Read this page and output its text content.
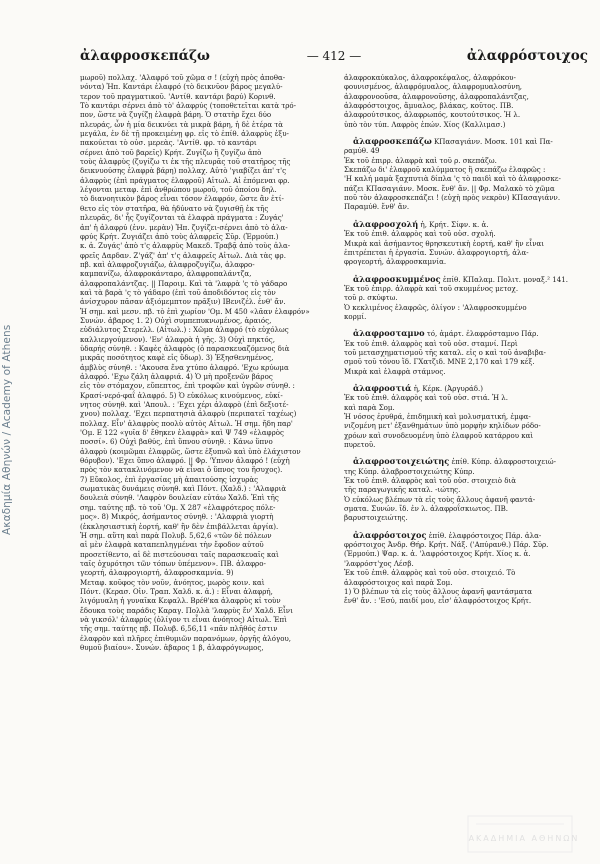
Ακαδημία Αθηνών / Academy of Athens
ἀλαφροσκεπάζω	— 412 —	ἀλαφρόστοιχος

μωροῦ) πολλαχ. 'Αλαφρό τοῦ χῶμα σ ! (εὐχὴ πρὸς ἀποθα-

νόντα) Ἠπ. Καντάρι ἐλαφρό (τὸ δεικνῦον βάρος μεγαλύ-

τερον τοῦ πραγματικοῦ. 'Αντίθ. καντάρι βαρύ) Κορινθ.

Τὸ καντάρι σέρνει ἀπὸ τὸ' ἀλαφρύς (τοποθετεῖται κατὰ τρό-

πον, ὥστε νὰ ζυγίζῃ ἐλαφρὰ βάρη. Ὁ στατὴρ ἔχει δύο

πλευράς, ὧν ἡ μία δεικνύει τὰ μικρὰ βάρη, ἡ δὲ ἑτέρα τὰ

μεγάλα, ἐν δὲ τῇ προκειμένῃ φρ. εἰς τὸ ἐπίθ. ἀλαφρὺς ἐξυ-

πακούεται τὸ οὐσ. μερεὰς. 'Αντίθ. φρ. τὸ καντάρι

σέρνει ἀπὸ τοῦ βαρεῖς) Κρήτ. Ζυγίζω ἢ ζυγίζω ἀπὸ

τοὺς ἀλαφρὺς (ζυγίζω τι ἐκ τῆς πλευρᾶς τοῦ στατῆρος τῆς

δεικνυούσης ἐλαφρὰ βάρη) πολλαχ. Αὐτὸ 'γιαβίζει ἀπ' τ'ς

ἀλαφρὺς (ἐπὶ πράγματος ἐλαφροῦ) Αἰτωλ. Αἱ ἑπόμεναι φρ.

λέγονται μεταφ. ἐπὶ ἀνθρώπου μωροῦ, τοῦ ὁποίου δηλ.

τὸ διανοητικὸν βάρος εἶναι τόσον ἐλαφρόν, ὥστε ἂν ἐτί-

θετο εἰς τὸν στατῆρα, θὰ ἠδύνατο νὰ ζυγισθῇ ἐκ τῆς

πλευρᾶς, δι' ἧς ζυγίζονται τὰ ἐλαφρὰ πράγματα : Ζυγάς'

ἀπ' ἡ ἀλαφρύ (ἐνν. μερὰν) Ἠπ. ζυγίζει-σέρνει ἀπὸ τὸ ἀλα-

φρύς Κρήτ. Ζυγιάζει ἀπὸ τοὺς ἀλαφρεῖς Σῦρ. (Ἑρμούπ.)

κ. ἀ. Ζυγάς' ἀπὸ τ'ς ἀλαφρὺς Μακεδ. Τραβᾷ ἀπὸ τοὺς ἀλα-

φρεῖς Δαρδαν. Ζ'γάζ' ἀπ' τ'ς ἀλαφρεῖς Αἰτωλ. Διὰ τὰς φρ.

πβ. καὶ ἀλαφροζυγιάζω, ἀλαφροζυγίζω, ἀλαφρο-

καμπανίζω, ἀλαφροκάνταρο, ἀλαφροπαλάντζα,

ἀλαφροπαλάντζας. || Παροιμ. Καὶ τὰ 'λαφρὰ 'ς τὸ γάδαρο

καὶ τὰ βαρὰ 'ς τὸ γάδαρο (ἐπὶ τοῦ ἀποδιδόντος εἰς τὸν

ἀνίσχυρον πᾶσαν ἀξιόμεμπτον πρᾶξιν) ΙΒενιζέλ. ἐνθ' ἄν.

Ἡ σημ. καὶ μεσν. πβ. τὸ ἐπὶ χωρίον 'Ομ. Μ 450 «λᾶαν ἐλαφρόν»

Συνών. ἀβαρος 1. 2) Οὐχὶ συμπεπυκνωμένος, ἀραιός,

εὐδιάλυτος Στερελλ. (Αἰτωλ.) : Χῶμα ἀλαφρό (τὸ εὐχόλως

καλλιεργούμενον). 'Εν' ἀλαφρὰ ἡ γῆς. 3) Οὐχὶ πηκτός,

ὑδαρής σύνηθ. : Καφὲς ἀλαφρὸς (ὁ παρασκευαζόμενος διὰ

μικρᾶς ποσότητος καφὲ εἰς ὕδωρ). 3) Ἐξησθενημένος,

ἀμβλὺς σύνηθ. : 'Ακουσα ἕνα χτύπο ἀλαφρό. 'Εχω κρύωμα

ἀλαφρό. 'Εχω ζάλη ἀλαφριά. 4) Ὁ μὴ προξενῶν βάρος

εἰς τὸν στόμαχον, εὔπεπτος, ἐπὶ τροφῶν καὶ ὑγρῶν σύνηθ. :

Κρασί-νερό-φαΐ ἀλαφρό. 5) Ὁ εὐκόλως κινούμενος, εὐκί-

νητος σύνηθ. καὶ 'Απουλ. : 'Εχει χέρι ἀλαφρὸ (ἐπὶ δεξιοτέ-

χνου) πολλαχ. 'Εχει περπατησιὰ ἀλαφρὺ (περιπατεῖ ταχέως)

πολλαχ. Εἶν' ἀλαφρὺς ποολὺ αὐτὸς Αἰτωλ. Ἡ σημ. ἤδη παρ'

'Ομ. Ε 122 «γυῖα δ' ἔθηκεν ἐλαφρὰ» καὶ Ψ 749 «ἐλαφρὸς

ποσσί». 6) Οὐχὶ βαθύς, ἐπὶ ὕπνου σύνηθ. : Κάνω ὕπνο

ἀλαφρὺ (κοιμῶμαι ἐλαφρῶς, ὥστε ἐξυπνῶ καὶ ὑπὸ ἐλάχιστον

θόρυβον). 'Εχει ὕπνο ἀλαφρό. || Φρ. 'Υπνον ἀλαφρό ! (εὐχὴ

πρὸς τὸν κατακλινόμενον νὰ εἶναι ὁ ὕπνος του ἥσυχος).

7) Εὔκολος, ἐπὶ ἐργασίας μὴ ἀπαιτούσης ἰσχυρὰς

σωματικὰς δυνάμεις σύνηθ. καὶ Πόντ. (Χαλδ.) : 'Αλαφριὰ

δουλειὰ σύνηθ. 'Λαφρὸν δουλείαν εὑτάω Χαλδ. Ἐπὶ τῆς

σημ. ταύτης πβ. τὸ τοῦ 'Ομ. Χ 287 «ἐλαφρότερος πόλε-

μος». 8) Μικρός, ἀσήμαντος σύνηθ. : 'Αλαφριὰ γιορτὴ

(ἐκκλησιαστικὴ ἑορτή, καθ' ἣν δὲν ἐπιβάλλεται ἀργία).

Ἡ σημ. αὕτη καὶ παρὰ Πολυβ. 5,62,6 «τῶν δὲ πόλεων

αἱ μὲν ἐλαφρὰ καταπεπληγμέναι τὴν ἔφοδον αὐτοῦ

προσετίθεντο, αἱ δὲ πιστεύουσαι ταῖς παρασκευαῖς καὶ

ταῖς ὀχυρότησι τῶν τόπων ὑπέμενον». ΠΒ. ἀλαφρο-

γεορτή, ἀλαφρογιορτή, ἀλαφροσκαμνία. 9)

Μεταφ. κοῦφος τὸν νοῦν, ἀνόητος, μωρὸς κοιν. καὶ

Πόντ. (Κερασ. Οἰν. Τραπ. Χαλδ. κ. ἀ.) : Εἶναι ἀλαφρή,

λιγόμυαλη ἡ γυναῖκα Κεφαλλ. Βρέθ'κα ἀλαφρὺς κἰ τοὺν

ἔδουκα τοὺς παράδις Καραγ. Πολλὰ 'λαφρὺς ἔν' Χαλδ. Εἶνι

νὰ γικσόλ' ἀλαφρύς (ὀλίγον τι εἶναι ἀνόητος) Αἰτωλ. Ἐπὶ

τῆς σημ. ταύτης πβ. Πολυβ. 6,56,11 «πᾶν πλῆθός ἐστιν

ἐλαφρὸν καὶ πλῆρες ἐπιθυμιῶν παρανόμων, ὀργῆς ἀλόγου,

θυμοῦ βιαίου». Συνών. ἀβαρος 1 β, ἀλαφρόγνωμος,

ἀλαφροκαύκαλος, ἀλαφροκέφαλος, ἀλαφρόκου-

φουνισμένος, ἀλαφρόμυαλος, ἀλαφρομυαλοσύνη,

ἀλαφρονοοῦσα, ἀλαφρονοῦσης, ἀλαφροπαλάντζας,

ἀλαφρόστοιχος, ἄμυαλος, βλάκας, κοῦτος. ΠΒ.

ἀλαφρούτσικος, ἀλαφρωπός, κουτούτσικος. Ἡ λ.

ὑπὸ τὸν τύπ. Λαφρὸς ἐπών. Χίος (Καλλιμασ.)

ἀλαφροσκεπάζω ΚΠασαγιάνν. Μοσκ. 101 καὶ Πα-

ραμύθ. 49

Ἐκ τοῦ ἐπιρρ. ἀλαφρὰ καὶ τοῦ ρ. σκεπάζω.

Σκεπάζω δι' ἐλαφροῦ καλύμματος ἢ σκεπάζω ἐλαφρῶς :

'Η καλή μαμὰ ξαχπυτιὰ δίπλα 'ς τὸ παιδὶ καὶ τὸ ἀλαφροσκε-

πάζει ΚΠασαγιάνν. Μοσκ. ἔνθ' ἄν. || Φρ. Μαλακὸ τὸ χῶμα

ποῦ τὸν ἀλαφροσκεπάζει ! (εὐχὴ πρὸς νεκρὸν) ΚΠασαγιάνν.

Παραμύθ. ἔνθ' ἄν.

ἀλαφροσχολή ἡ, Κρήτ. Σίφν. κ. ἀ.

Ἐκ τοῦ ἐπιθ. ἀλαφρὸς καὶ τοῦ οὐσ. σχολή.

Μικρὰ καὶ ἀσήμαντος θρησκευτικὴ ἑορτή, καθ' ἣν εἶναι

ἐπιτρέπεται ἡ ἐργασία. Συνών. ἀλαφρογιορτή, ἀλα-

φρογεορτή, ἀλαφροσκαμνία.

ἀλαφροσκυμμένος ἐπίθ. ΚΠαλαμ. Πολιτ. μοναξ.² 141.

Ἐκ τοῦ ἐπιρρ. ἀλαφρὰ καὶ τοῦ σκυμμένος μετοχ.

τοῦ ρ. σκύφτω.

Ὁ κεκλιμένος ἐλαφρῶς, ὀλίγον : 'Αλαφροσκυμμένο

κορμί.

ἀλαφροσταμνο τό, ἀμάρτ. ἐλαφρόσταμνο Πάρ.

Ἐκ τοῦ ἐπιθ. ἀλαφρὸς καὶ τοῦ οὐσ. σταμνί. Περὶ

τοῦ μετασχηματισμοῦ τῆς καταλ. εἰς ο καὶ τοῦ ἀναβιβα-

σμοῦ τοῦ τόνου ἴδ. ΓΧατζιδ. ΜΝΕ 2,170 καὶ 179 κέξ.

Μικρὰ καὶ ἐλαφρὰ στάμνος.

ἀλαφροστιά ἡ, Κέρκ. (Ἀργυράδ.)

Ἐκ τοῦ ἐπιθ. ἀλαφρὸς καὶ τοῦ οὐσ. στιά. Ἡ λ.

καὶ παρὰ Σομ.

Ἡ νόσος ἐρυθρά, ἐπιδημικὴ καὶ μολυσματική, ἐμφα-

νιζομένη μετ' ἐξανθημάτων ὑπὸ μορφὴν κηλίδων ρόδο-

χρόων καὶ συνοδευομένη ὑπὸ ἐλαφροῦ κατάρρου καὶ

πυρετοῦ.

ἀλαφροστοιχειώτης ἐπίθ. Κύπρ. ἀλαφροστοιχειώ-

της Κύπρ. ἀλαβροστοιχειώτης Κύπρ.

Ἐκ τοῦ ἐπιθ. ἀλαφρὸς καὶ τοῦ οὐσ. στοιχειὸ διὰ

τῆς παραγωγικῆς καταλ. -ιώτης.

Ὁ εὐκόλως βλέπων τὰ εἰς τοὺς ἄλλους ἀφανῆ φαντά-

σματα. Συνών. ἴδ. ἐν λ. ἀλαφροΐσκιωτος. ΠΒ.

βαρυστοιχειώτης.

ἀλαφρόστοιχος ἐπίθ. ἐλαφρόστοιχος Πάρ. ἀλα-

φρόστοιχος Ἀνδρ. Θήρ. Κρήτ. Νάξ. ('Απύρανθ.) Πάρ. Σῦρ.

(Ἑρμούπ.) Ψαρ. κ. ἀ. 'λαφρόστοιχος Κρήτ. Χίος κ. ἀ.

'λαφρόστ'χος Λέσβ.

Ἐκ τοῦ ἐπιθ. ἀλαφρὸς καὶ τοῦ οὐσ. στοιχειό. Τὸ

ἀλαφρόστοιχος καὶ παρὰ Σομ.

1) Ὁ βλέπων τὰ εἰς τοὺς ἄλλους ἀφανῆ φαντάσματα

ἔνθ' ἄν. : 'Εσύ, παιδί μου, εἶσ' ἀλαφρόστοιχος Κρήτ.

ΑΚΑΔΗΜΙΑ ΑΘΗΝΩΝ
